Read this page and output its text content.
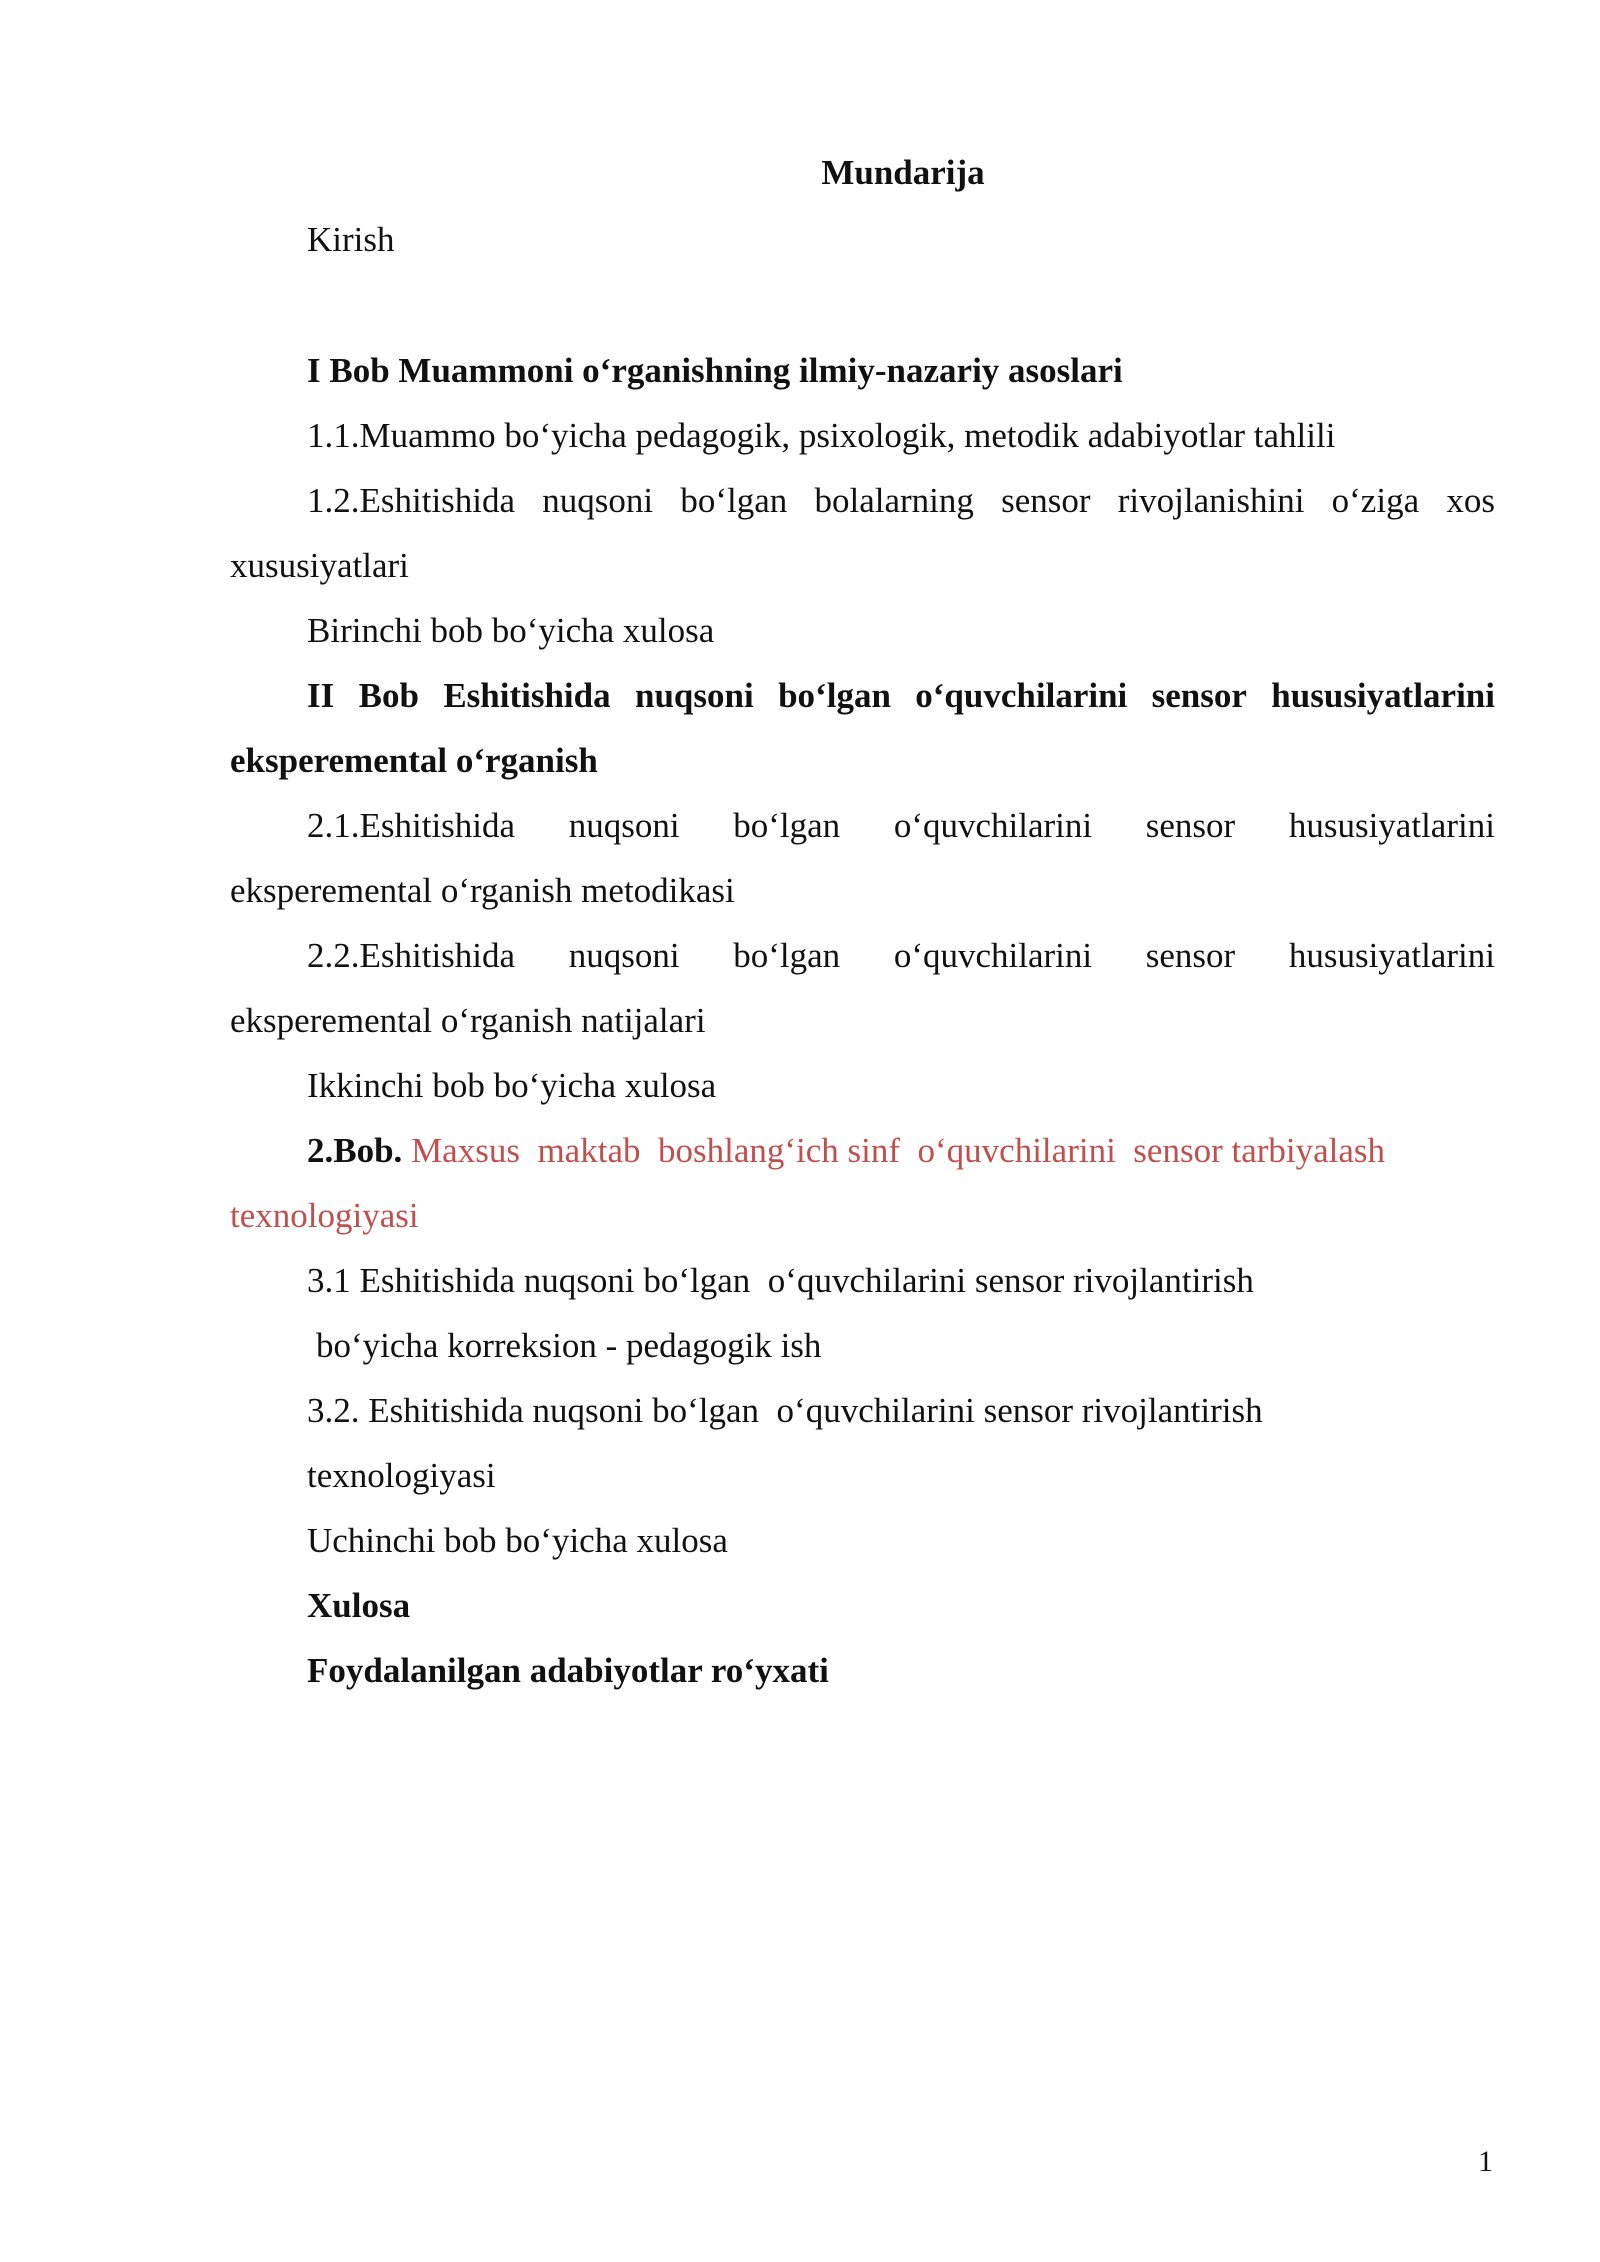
Mundarija
Kirish
I Bob Muammoni o‘rganishning ilmiy-nazariy asoslari
1.1.Muammo bo‘yicha pedagogik, psixologik, metodik adabiyotlar tahlili
1.2.Eshitishida nuqsoni bo‘lgan bolalarning sensor rivojlanishini o‘ziga xos
xususiyatlari
Birinchi bob bo‘yicha xulosa
II Bob Eshitishida nuqsoni bo‘lgan o‘quvchilarini sensor hususiyatlarini
eksperemental o‘rganish
2.1.Eshitishida nuqsoni bo‘lgan o‘quvchilarini sensor hususiyatlarini
eksperemental o‘rganish metodikasi
2.2.Eshitishida nuqsoni bo‘lgan o‘quvchilarini sensor hususiyatlarini
eksperemental o‘rganish natijalari
Ikkinchi bob bo‘yicha xulosa
2.Bob. Maxsus  maktab  boshlang‘ich sinf  o‘quvchilarini  sensor tarbiyalash
texnologiyasi
3.1 Eshitishida nuqsoni bo‘lgan  o‘quvchilarini sensor rivojlantirish
bo‘yicha korreksion - pedagogik ish
3.2. Eshitishida nuqsoni bo‘lgan  o‘quvchilarini sensor rivojlantirish
texnologiyasi
Uchinchi bob bo‘yicha xulosa
Xulosa
Foydalanilgan adabiyotlar ro‘yxati
1
